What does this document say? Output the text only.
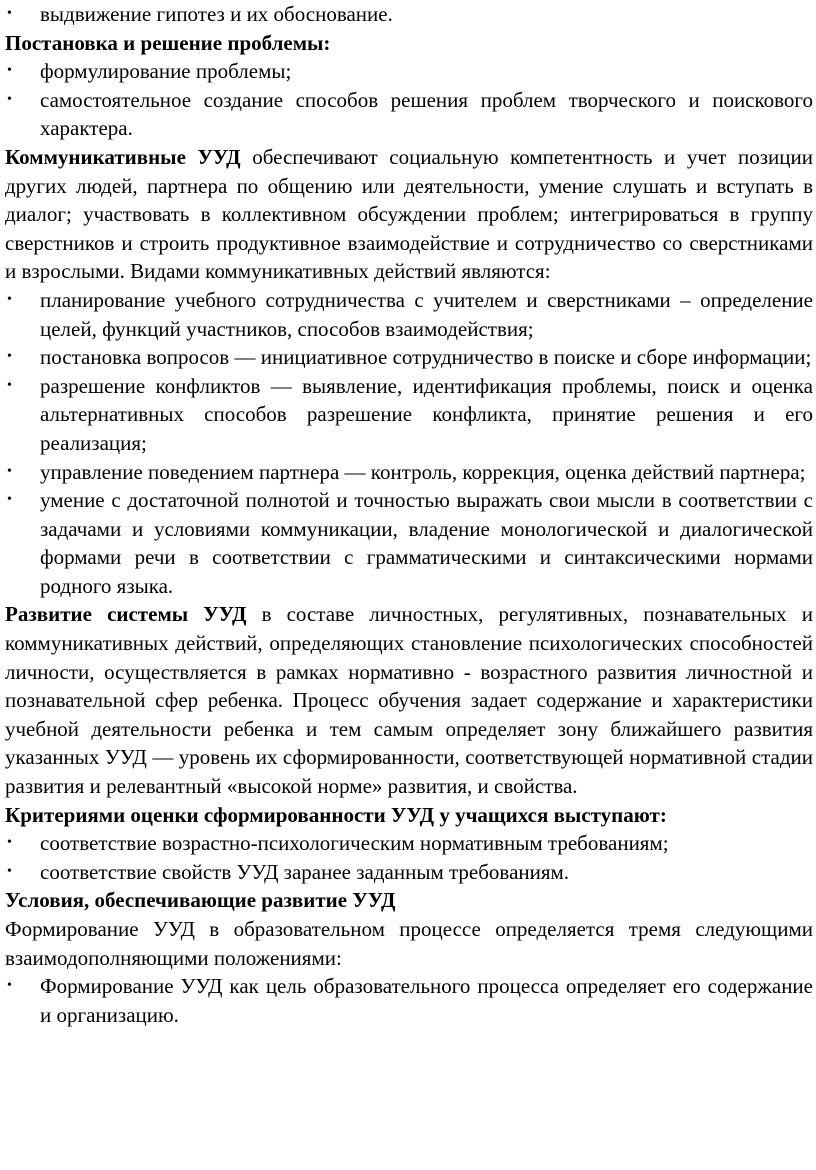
•	выдвижение гипотез и их обоснование.

Постановка и решение проблемы:

•	формулирование проблемы;
•	самостоятельное создание способов решения проблем творческого и поискового характера.

Коммуникативные УУД обеспечивают социальную компетентность и учет позиции других людей, партнера по общению или деятельности, умение слушать и вступать в диалог; участвовать в коллективном обсуждении проблем; интегрироваться в группу сверстников и строить продуктивное взаимодействие и сотрудничество со сверстниками и взрослыми. Видами коммуникативных действий являются:

•	планирование учебного сотрудничества с учителем и сверстниками – определение целей, функций участников, способов взаимодействия;
•	постановка вопросов — инициативное сотрудничество в поиске и сборе информации;
•	разрешение конфликтов — выявление, идентификация проблемы, поиск и оценка альтернативных способов разрешение конфликта, принятие решения и его реализация;
•	управление поведением партнера — контроль, коррекция, оценка действий партнера;
•	умение с достаточной полнотой и точностью выражать свои мысли в соответствии с задачами и условиями коммуникации, владение монологической и диалогической формами речи в соответствии с грамматическими и синтаксическими нормами родного языка.

Развитие системы УУД в составе личностных, регулятивных, познавательных и коммуникативных действий, определяющих становление психологических способностей личности, осуществляется в рамках нормативно - возрастного развития личностной и познавательной сфер ребенка. Процесс обучения задает содержание и характеристики учебной деятельности ребенка и тем самым определяет зону ближайшего развития указанных УУД — уровень их сформированности, соответствующей нормативной стадии развития и релевантный «высокой норме» развития, и свойства.

Критериями оценки сформированности УУД у учащихся выступают:

•	соответствие возрастно-психологическим нормативным требованиям;
•	соответствие свойств УУД заранее заданным требованиям.

Условия, обеспечивающие развитие УУД

Формирование УУД в образовательном процессе определяется тремя следующими взаимодополняющими положениями:

•	Формирование УУД как цель образовательного процесса определяет его содержание и организацию.
